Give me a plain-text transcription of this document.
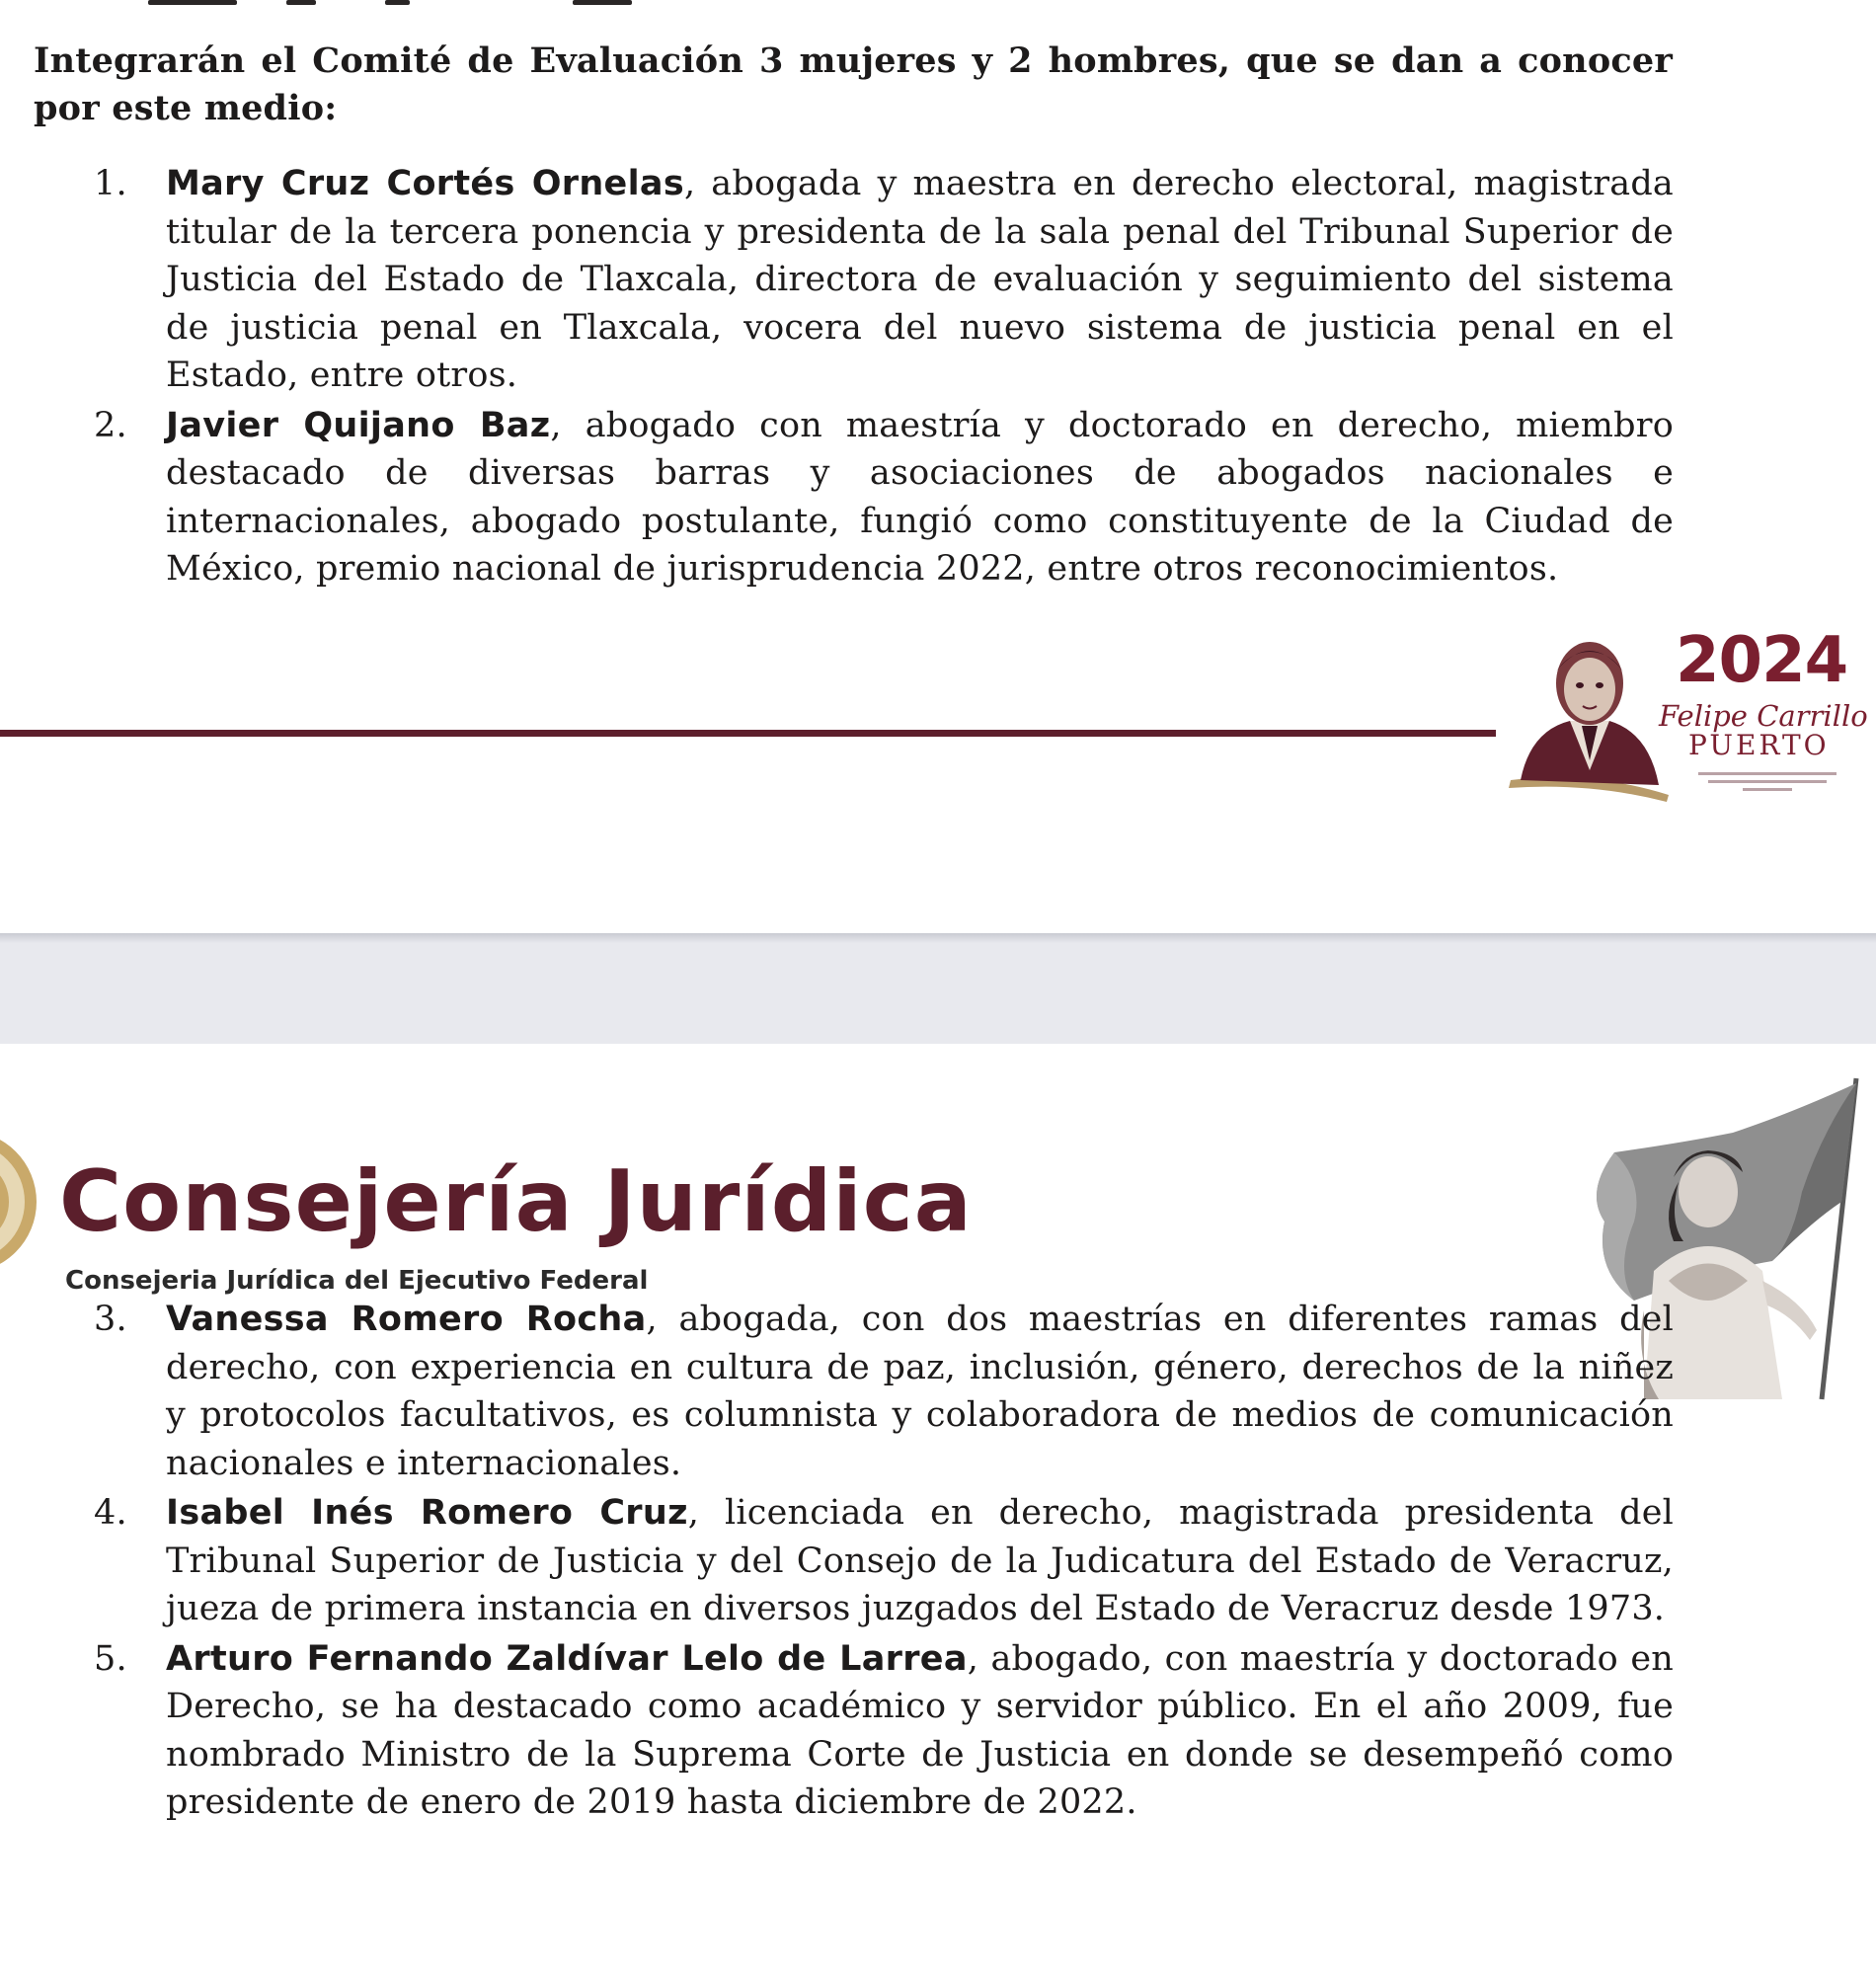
Integrarán el Comité de Evaluación 3 mujeres y 2 hombres, que se dan a conocer por este medio:

1. Mary Cruz Cortés Ornelas, abogada y maestra en derecho electoral, magistrada titular de la tercera ponencia y presidenta de la sala penal del Tribunal Superior de Justicia del Estado de Tlaxcala, directora de evaluación y seguimiento del sistema de justicia penal en Tlaxcala, vocera del nuevo sistema de justicia penal en el Estado, entre otros.
2. Javier Quijano Baz, abogado con maestría y doctorado en derecho, miembro destacado de diversas barras y asociaciones de abogados nacionales e internacionales, abogado postulante, fungió como constituyente de la Ciudad de México, premio nacional de jurisprudencia 2022, entre otros reconocimientos.
2024
Felipe Carrillo
PUERTO
Consejería Jurídica
Consejeria Jurídica del Ejecutivo Federal
3. Vanessa Romero Rocha, abogada, con dos maestrías en diferentes ramas del derecho, con experiencia en cultura de paz, inclusión, género, derechos de la niñez y protocolos facultativos, es columnista y colaboradora de medios de comunicación nacionales e internacionales.
4. Isabel Inés Romero Cruz, licenciada en derecho, magistrada presidenta del Tribunal Superior de Justicia y del Consejo de la Judicatura del Estado de Veracruz, jueza de primera instancia en diversos juzgados del Estado de Veracruz desde 1973.
5. Arturo Fernando Zaldívar Lelo de Larrea, abogado, con maestría y doctorado en Derecho, se ha destacado como académico y servidor público. En el año 2009, fue nombrado Ministro de la Suprema Corte de Justicia en donde se desempeñó como presidente de enero de 2019 hasta diciembre de 2022.
